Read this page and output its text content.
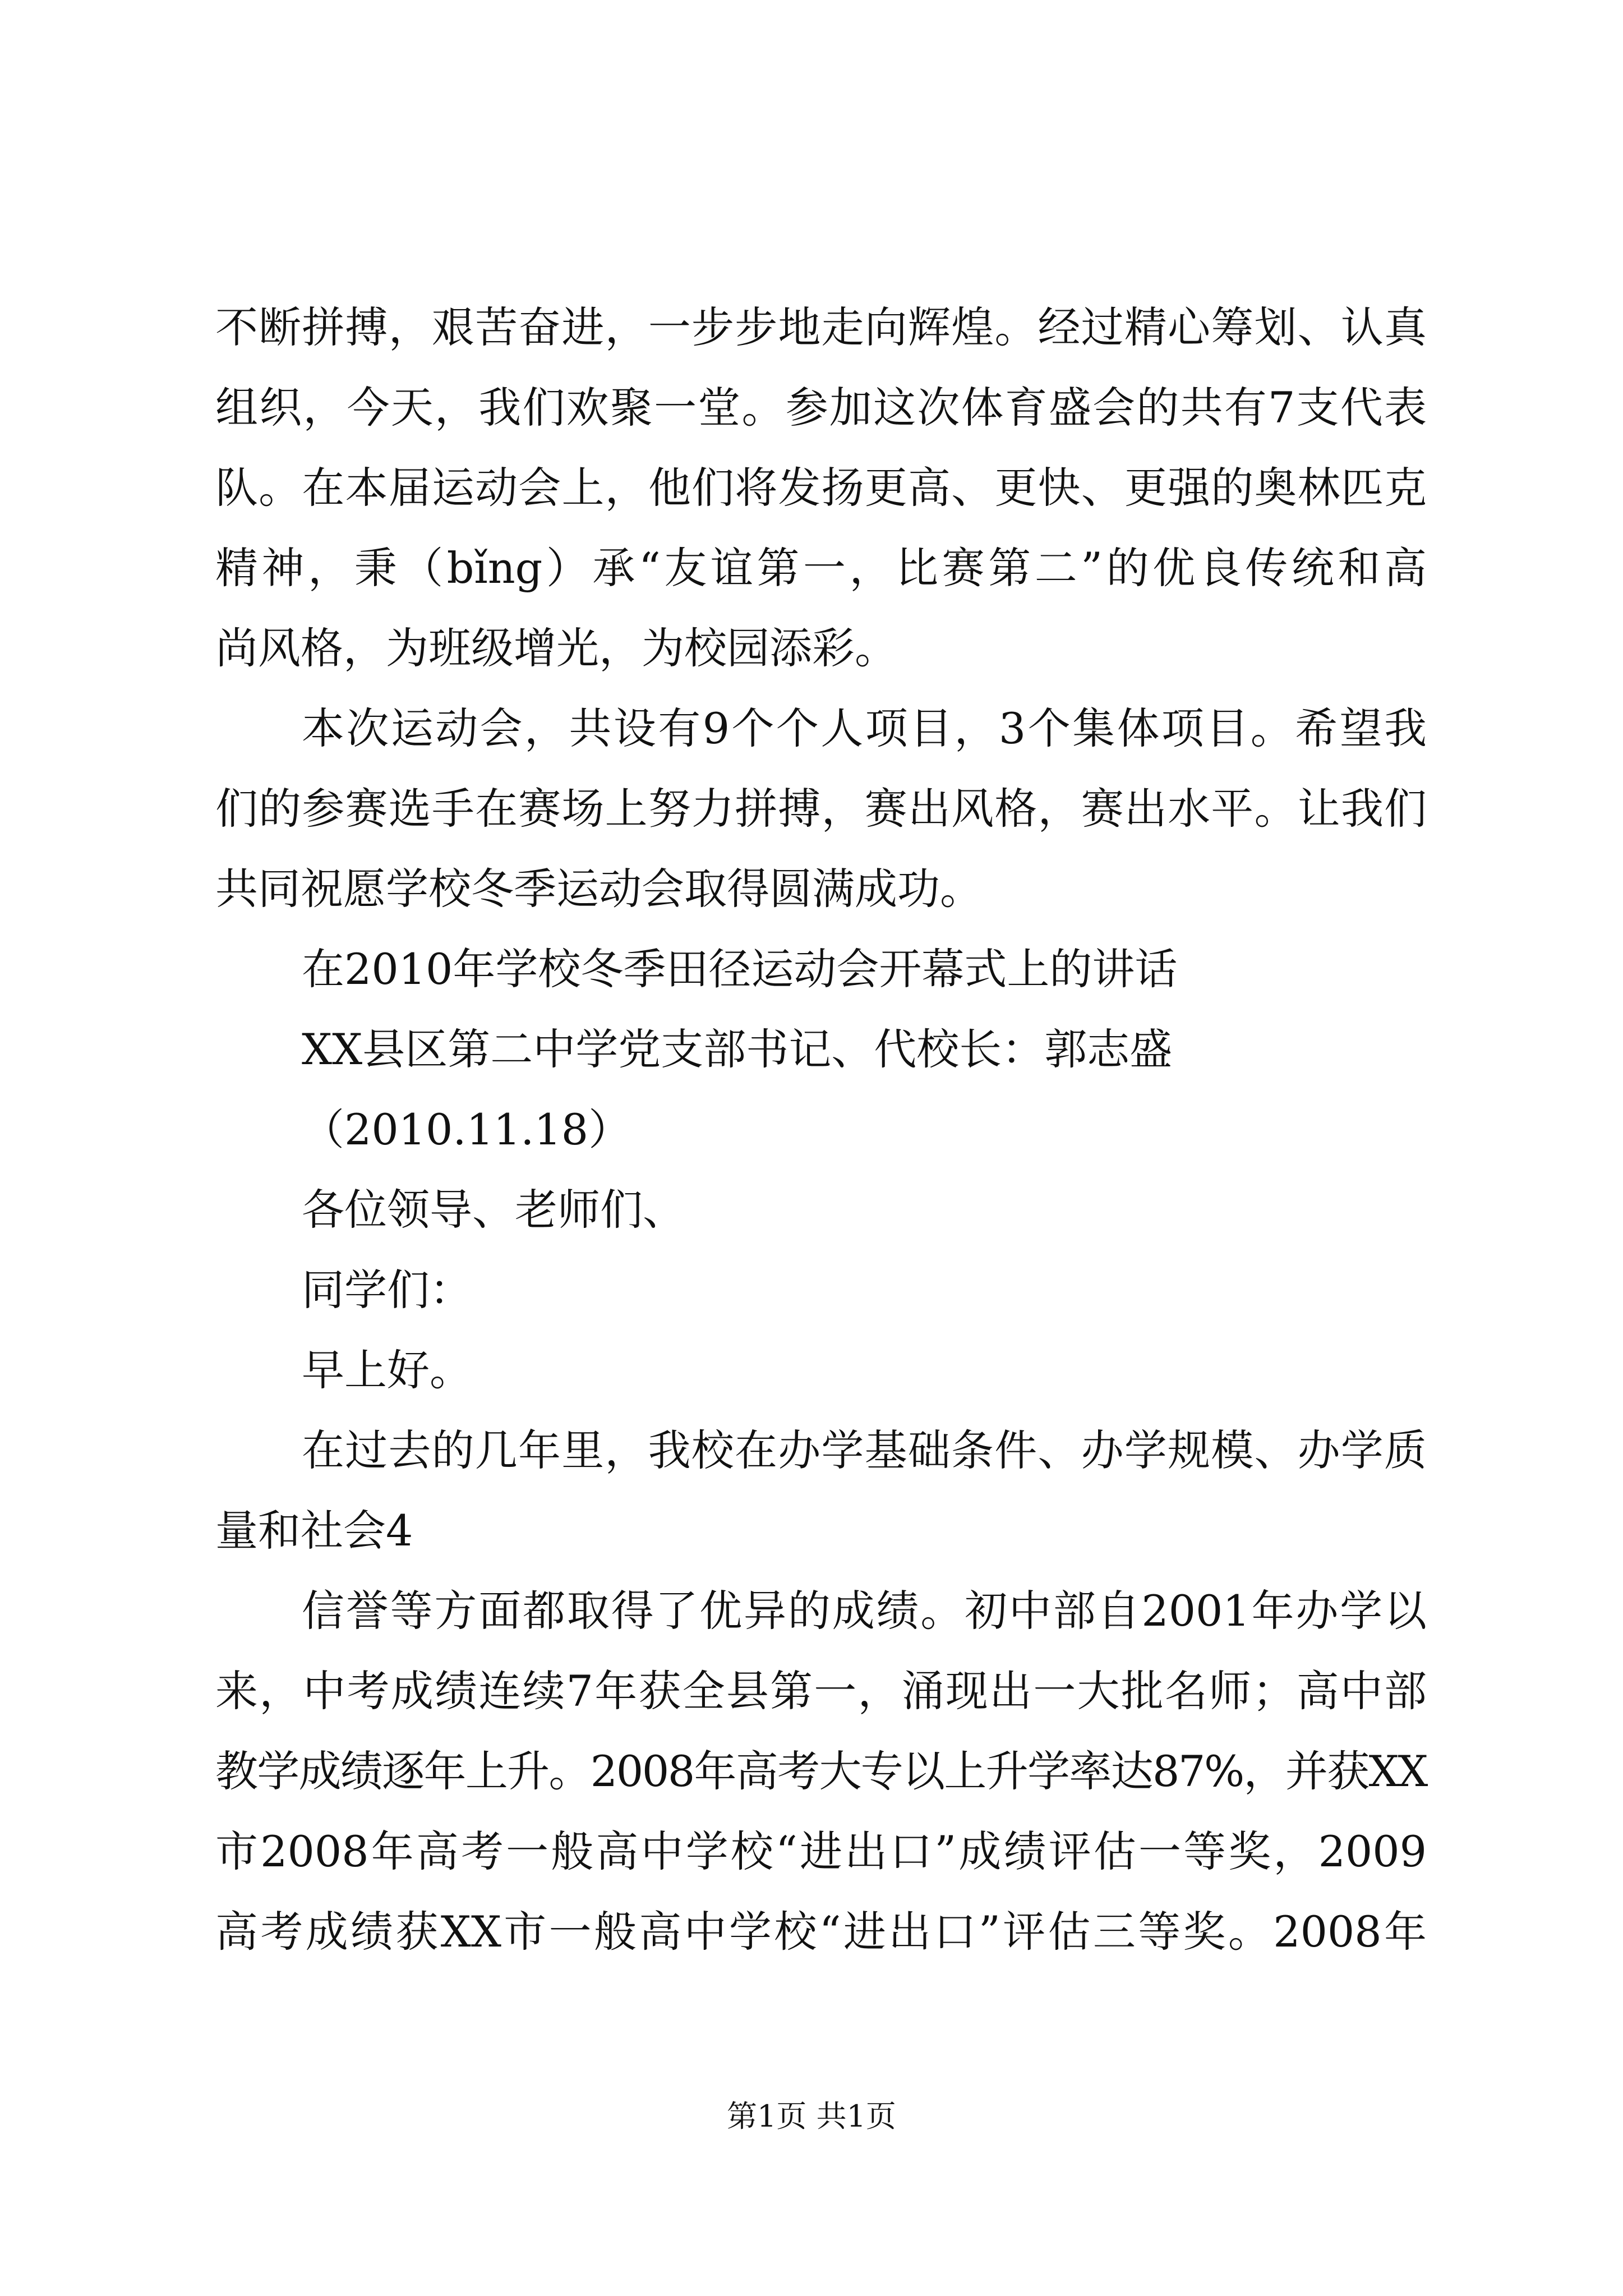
不断拼搏，艰苦奋进，一步步地走向辉煌。经过精心筹划、认真
组织，今天，我们欢聚一堂。参加这次体育盛会的共有7支代表
队。在本届运动会上，他们将发扬更高、更快、更强的奥林匹克
精神，秉（bǐng）承“友谊第一，比赛第二”的优良传统和高
尚风格，为班级增光，为校园添彩。
本次运动会，共设有9个个人项目，3个集体项目。希望我
们的参赛选手在赛场上努力拼搏，赛出风格，赛出水平。让我们
共同祝愿学校冬季运动会取得圆满成功。
在2010年学校冬季田径运动会开幕式上的讲话
XX县区第二中学党支部书记、代校长：郭志盛
（2010.11.18）
各位领导、老师们、
同学们：
早上好。
在过去的几年里，我校在办学基础条件、办学规模、办学质
量和社会4
信誉等方面都取得了优异的成绩。初中部自2001年办学以
来，中考成绩连续7年获全县第一，涌现出一大批名师；高中部
教学成绩逐年上升。2008年高考大专以上升学率达87%，并获XX
市2008年高考一般高中学校“进出口”成绩评估一等奖，2009
高考成绩获XX市一般高中学校“进出口”评估三等奖。2008年
第1页 共1页
